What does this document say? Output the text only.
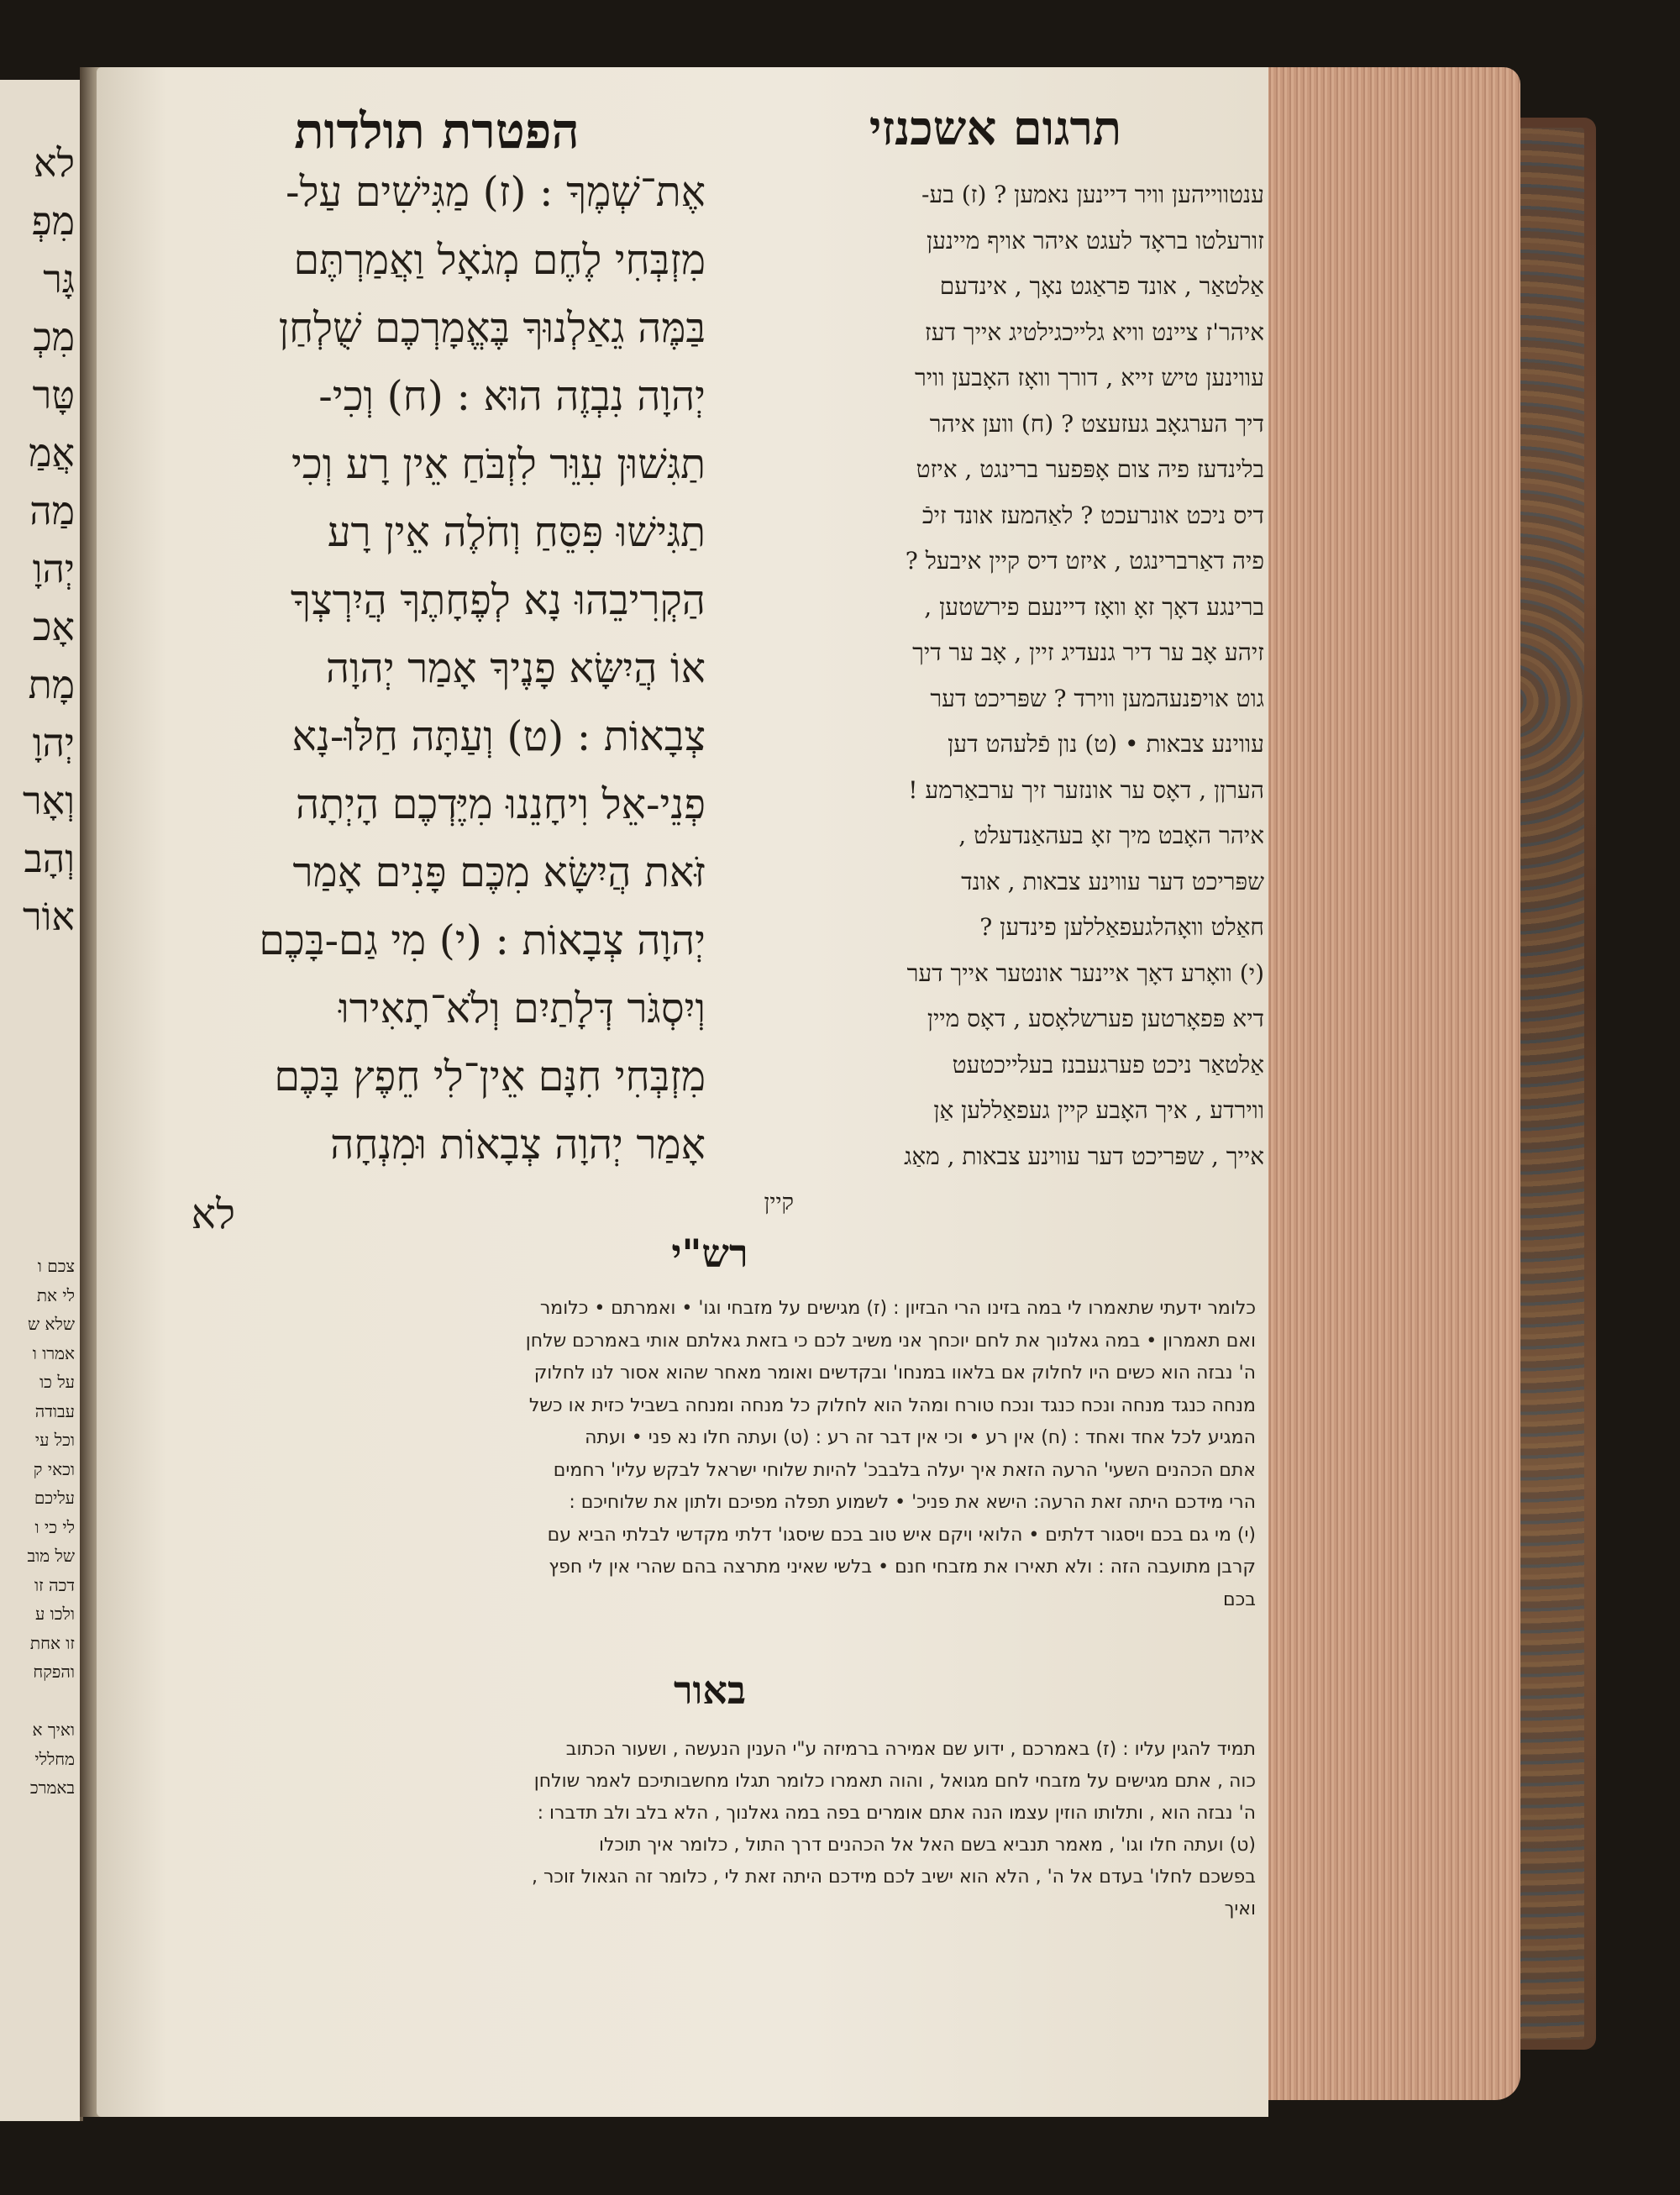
לא
מִפְ
גָּר
מִכְ
טָּר
אֲמַ
מַה
יְהוָ
אָכ
מָת
יְהוָ
וְאָר
וְהָב
אוֹר
צכם ו
לי את
שלא ש
אמרו ו
על כו
עבודה
וכל עי
וכאי ק
עליכם
לי כי ו
של מוב
דכה זו
ולכו ע
זו אחת
והפקח
ואיך א
מחללי
באמרכ
תרגום אשכנזי
הפטרת תולדות
אֶת־שְׁמֶךָ : (ז) מַגִּישִׁים עַל-
מִזְבְּחִי לֶחֶם מְגֹאָל וַאֲמַרְתֶּם
בַּמֶּה גֵאַלְנוּךָ בֶּאֱמָרְכֶם שֻׁלְחַן
יְהוָה נִבְזֶה הוּא : (ח) וְכִי-
תַגִּשׁוּן עִוֵּר לִזְבֹּחַ אֵין רָע וְכִי
תַגִּישׁוּ פִּסֵּחַ וְחֹלֶה אֵין רָע
הַקְרִיבֵהוּ נָא לְפֶחָתֶךָ הֲיִרְצְךָ
אוֹ הֲיִשָּׂא פָנֶיךָ אָמַר יְהוָה
צְבָאוֹת : (ט) וְעַתָּה חַלּוּ-נָא
פְנֵי-אֵל וִיחָנֵנוּ מִיֶּדְכֶם הָיְתָה
זֹּאת הֲיִשָּׂא מִכֶּם פָּנִים אָמַר
יְהוָה צְבָאוֹת : (י) מִי גַם-בָּכֶם
וְיִסְגֹּר דְּלָתַיִם וְלֹא־תָאִירוּ
מִזְבְּחִי חִנָּם אֵין־לִי חֵפֶץ בָּכֶם
אָמַר יְהוָה צְבָאוֹת וּמִנְחָה
לא
ענטווייהען וויר דיינען נאמען ? (ז) בע-
זורעלטו בראָד לעגט איהר אויף מיינען
אַלטאַר , אונד פראַגט נאָך , אינדעם
איהר'ז ציינט וויא גלייכגילטיג אייך דעז
עווינען טיש זייא , דורך וואָז האָבען וויר
דיך הערגאָב געזעצט ? (ח) ווען איהר
בלינדעז פיה צום אָפּפער ברינגט , איזט
דיס ניכט אונרעכט ? לאַהמעז אונד זיכֿ
פיה דאַרברינגט , איזט דיס קיין איבעל ?
ברינגע דאָך זאָ וואָז דיינעם פירשטען ,
זיהע אָב ער דיר גנעדיג זיין , אָב ער דיך
גוט אויפנעהמען ווירד ? שפּריכט דער
עווינע צבאות • (ט) נון פֿלעהט דען
הערןן , דאָס ער אונזער זיך ערבאַרמע !
איהר האָבט מיך זאָ בעהאַנדעלט ,
שפּריכט דער עווינע צבאות , אונד
חאַלט וואָהלגעפאַללען פינדען ?
(י) וואָרע דאָך איינער אונטער אייך דער
דיא פּפאָרטען פערשלאָסע , דאָס מיין
אַלטאַר ניכט פערגעבנז בעלייכטעט
ווירדע , איך האָבע קיין געפאַללען אַן
אייך , שפּריכט דער עווינע צבאות , מאַג
קיין
רש"י
כלומר ידעתי שתאמרו לי במה בזינו הרי הבזיון : (ז) מגישים על מזבחי וגו' • ואמרתם • כלומר
ואם תאמרון • במה גאלנוך את לחם יוכחך אני משיב לכם כי בזאת גאלתם אותי באמרכם שלחן
ה' נבזה הוא כשים היו לחלוק אם בלאוו במנחו' ובקדשים ואומר מאחר שהוא אסור לנו לחלוק
מנחה כנגד מנחה ונכח כנגד ונכח טורח ומהל הוא לחלוק כל מנחה ומנחה בשביל כזית או כשל
המגיע לכל אחד ואחד : (ח) אין רע • וכי אין דבר זה רע : (ט) ועתה חלו נא פני • ועתה
אתם הכהנים השעי' הרעה הזאת איך יעלה בלבבכ' להיות שלוחי ישראל לבקש עליו' רחמים
הרי מידכם היתה זאת הרעה: הישא את פניכ' • לשמוע תפלה מפיכם ולתון את שלוחיכם :
(י) מי גם בכם ויסגור דלתים • הלואי ויקם איש טוב בכם שיסגו' דלתי מקדשי לבלתי הביא עם
קרבן מתועבה הזה : ולא תאירו את מזבחי חנם • בלשי שאיני מתרצה בהם שהרי אין לי חפץ
בכם
באור
תמיד להגין עליו : (ז) באמרכם , ידוע שם אמירה ברמיזה ע"י הענין הנעשה , ושעור הכתוב
כוה , אתם מגישים על מזבחי לחם מגואל , והוה תאמרו כלומר תגלו מחשבותיכם לאמר שולחן
ה' נבזה הוא , ותלותו הוזין עצמו הנה אתם אומרים בפה במה גאלנוך , הלא בלב ולב תדברו :
(ט) ועתה חלו וגו' , מאמר תנביא בשם האל אל הכהנים דרך התול , כלומר איך תוכלו
בפשכם לחלו' בעדם אל ה' , הלא הוא ישיב לכם מידכם היתה זאת לי , כלומר זה הגאול זוכר ,
ואיך
